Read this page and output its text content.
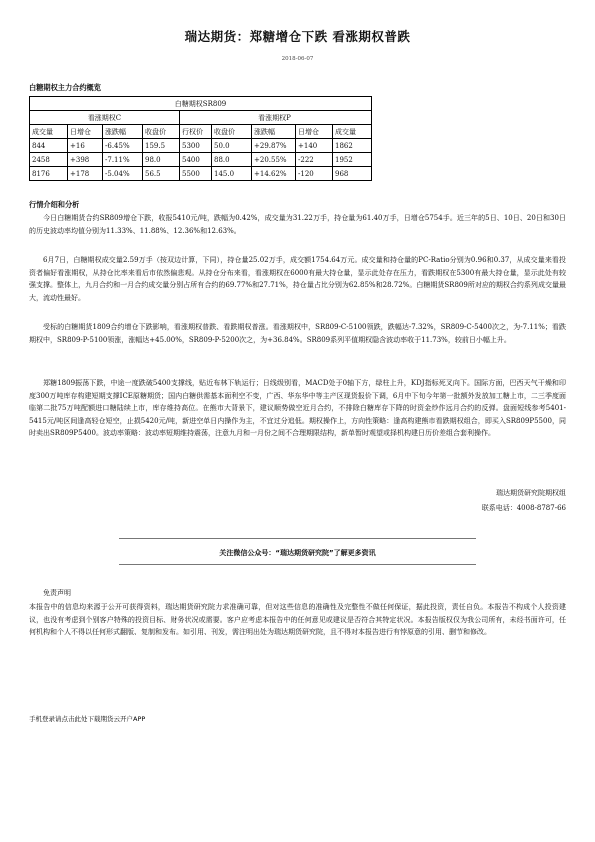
瑞达期货：郑糖增仓下跌 看涨期权普跌
2018-06-07
白糖期权主力合约概览
白糖期权SR809								
看涨期权C				看涨期权P				
成交量	日增仓	涨跌幅	收盘价	行权价	收盘价	涨跌幅	日增仓	成交量
844	+16	-6.45%	159.5	5300	50.0	+29.87%	+140	1862
2458	+398	-7.11%	98.0	5400	88.0	+20.55%	-222	1952
8176	+178	-5.04%	56.5	5500	145.0	+14.62%	-120	968
行情介绍和分析

今日白糖期货合约SR809增仓下跌，收报5410元/吨，跌幅为0.42%，成交量为31.22万手，持仓量为61.40万手，日增仓5754手。近三年的5日、10日、20日和30日的历史波动率均值分别为11.33%、11.88%、12.36%和12.63%。

6月7日，白糖期权成交量2.59万手（按双边计算，下同），持仓量25.02万手，成交额1754.64万元。成交量和持仓量的PC-Ratio分别为0.96和0.37，从成交量来看投资者偏好看涨期权，从持仓比率来看后市依然偏悲观。从持仓分布来看，看涨期权在6000有最大持仓量，显示此处存在压力，看跌期权在5300有最大持仓量，显示此处有较强支撑。整体上，九月合约和一月合约成交量分别占所有合约的69.77%和27.71%，持仓量占比分别为62.85%和28.72%。白糖期货SR809所对应的期权合约系列成交量最大，流动性最好。

受标的白糖期货1809合约增仓下跌影响，看涨期权普跌、看跌期权普涨。看涨期权中，SR809-C-5100领跌，跌幅达-7.32%，SR809-C-5400次之，为-7.11%；看跌期权中，SR809-P-5100领涨，涨幅达+45.00%，SR809-P-5200次之，为+36.84%。SR809系列平值期权隐含波动率收于11.73%，较前日小幅上升。

郑糖1809振荡下跌，中途一度跌破5400支撑线，贴近布林下轨运行；日线级别看，MACD处于0轴下方，绿柱上升，KDJ指标死叉向下。国际方面，巴西天气干燥和印度300万吨库存构建短期支撑ICE原糖期货；国内白糖供需基本面利空不变，广西、华东华中等主产区现货报价下调，6月中下旬今年第一批额外发放加工糖上市，二三季度面临第二批75万吨配额进口糖陆续上市，库存维持高位。在熊市大背景下，建议顺势做空近月合约，不排除白糖库存下降的时资金炒作远月合约的反弹。盘面短线参考5401-5415元/吨区间逢高轻仓短空，止损5420元/吨，新进空单日内操作为主，不宜过分追低。期权操作上，方向性策略：逢高构建熊市看跌期权组合，即买入SR809P5500，同时卖出SR809P5400。波动率策略：波动率短期维持震荡，注意九月和一月份之间不合理期限结构，新单暂时观望或择机构建日历价差组合套利操作。

瑞达期货研究院期权组
联系电话：4008-8787-66
关注微信公众号：“瑞达期货研究院”了解更多资讯
免责声明

本报告中的信息均来源于公开可获得资料，瑞达期货研究院力求准确可靠，但对这些信息的准确性及完整性不做任何保证，据此投资，责任自负。本报告不构成个人投资建议，也没有考虑到个别客户特殊的投资目标、财务状况或需要。客户应考虑本报告中的任何意见或建议是否符合其特定状况。本报告版权仅为我公司所有，未经书面许可，任何机构和个人不得以任何形式翻版、复制和发布。如引用、刊发，需注明出处为瑞达期货研究院，且不得对本报告进行有悖原意的引用、删节和修改。

手机登录请点击此处下载期货云开户APP
